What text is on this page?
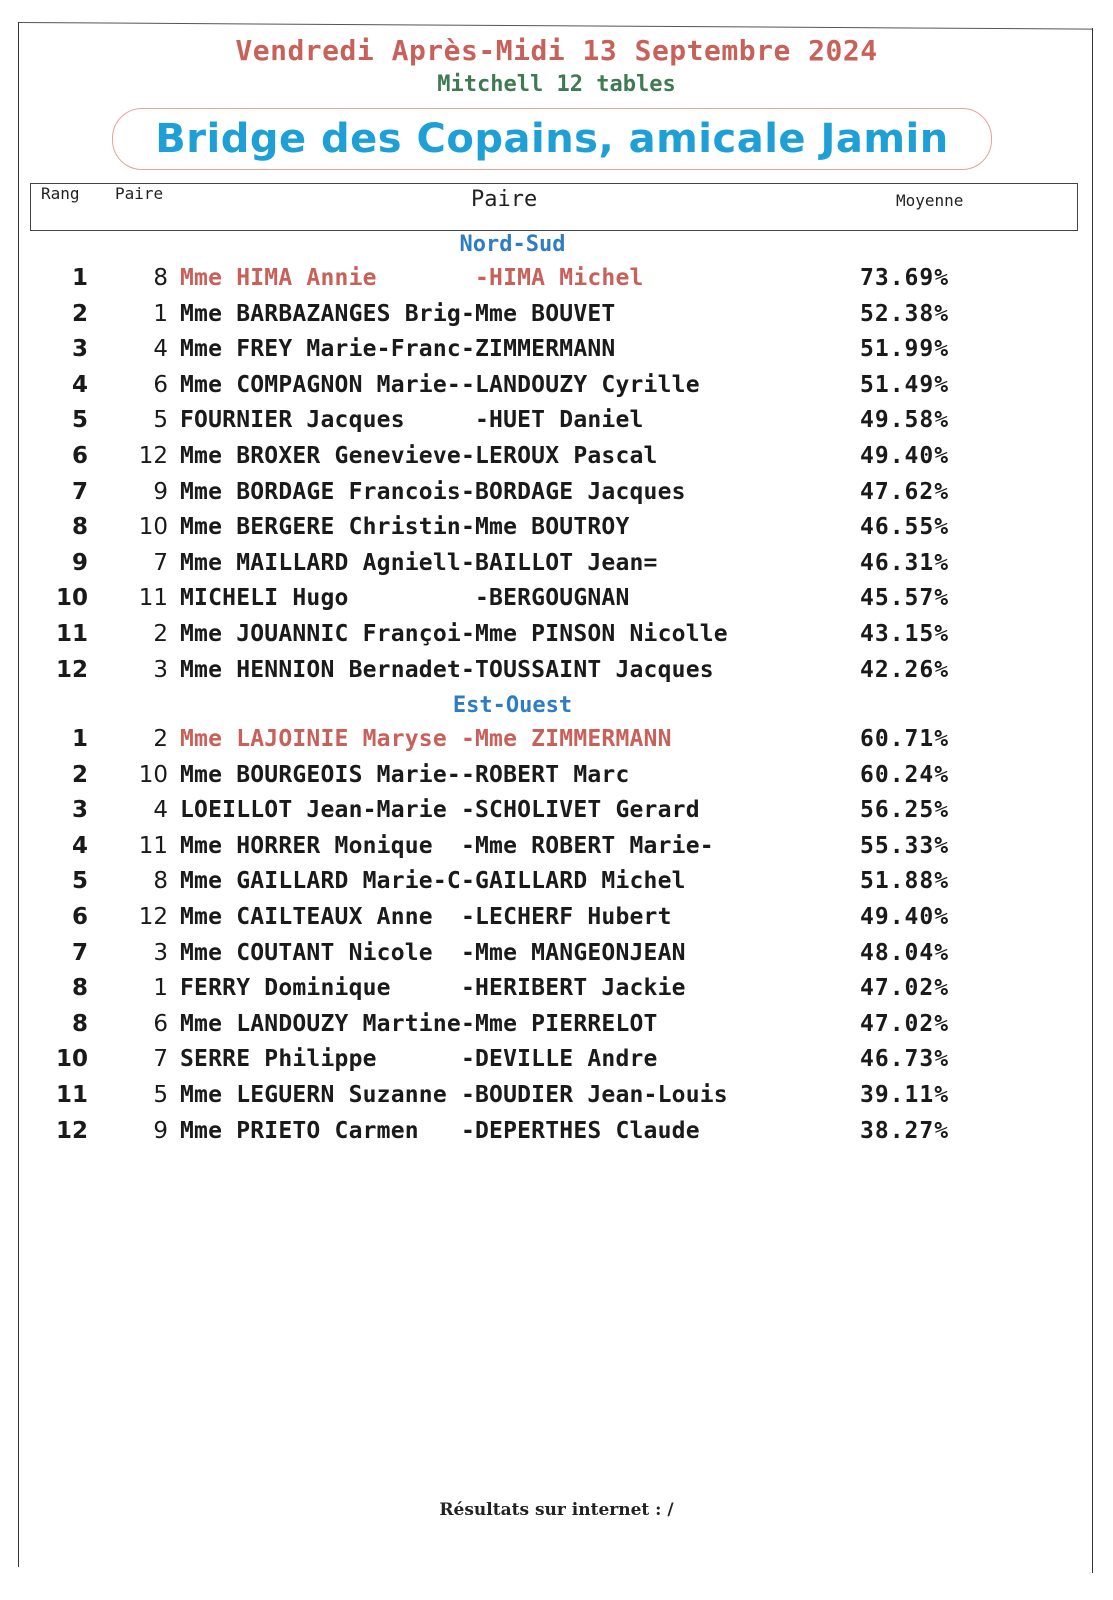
Vendredi Après-Midi 13 Septembre 2024
Mitchell 12 tables
Bridge des Copains, amicale Jamin
Rang Paire	Paire	Moyenne
Nord-Sud
1	8 Mme HIMA Annie       -HIMA Michel	73.69%
2	1 Mme BARBAZANGES Brig-Mme BOUVET	52.38%
3	4 Mme FREY Marie-Franc-ZIMMERMANN	51.99%
4	6 Mme COMPAGNON Marie--LANDOUZY Cyrille	51.49%
5	5 FOURNIER Jacques     -HUET Daniel	49.58%
6	12 Mme BROXER Genevieve-LEROUX Pascal	49.40%
7	9 Mme BORDAGE Francois-BORDAGE Jacques	47.62%
8	10 Mme BERGERE Christin-Mme BOUTROY	46.55%
9	7 Mme MAILLARD Agniell-BAILLOT Jean=	46.31%
10	11 MICHELI Hugo         -BERGOUGNAN	45.57%
11	2 Mme JOUANNIC Françoi-Mme PINSON Nicolle	43.15%
12	3 Mme HENNION Bernadet-TOUSSAINT Jacques	42.26%
Est-Ouest
1	2 Mme LAJOINIE Maryse -Mme ZIMMERMANN	60.71%
2	10 Mme BOURGEOIS Marie--ROBERT Marc	60.24%
3	4 LOEILLOT Jean-Marie -SCHOLIVET Gerard	56.25%
4	11 Mme HORRER Monique  -Mme ROBERT Marie-	55.33%
5	8 Mme GAILLARD Marie-C-GAILLARD Michel	51.88%
6	12 Mme CAILTEAUX Anne  -LECHERF Hubert	49.40%
7	3 Mme COUTANT Nicole  -Mme MANGEONJEAN	48.04%
8	1 FERRY Dominique     -HERIBERT Jackie	47.02%
8	6 Mme LANDOUZY Martine-Mme PIERRELOT	47.02%
10	7 SERRE Philippe      -DEVILLE Andre	46.73%
11	5 Mme LEGUERN Suzanne -BOUDIER Jean-Louis	39.11%
12	9 Mme PRIETO Carmen   -DEPERTHES Claude	38.27%
Résultats sur internet : /
